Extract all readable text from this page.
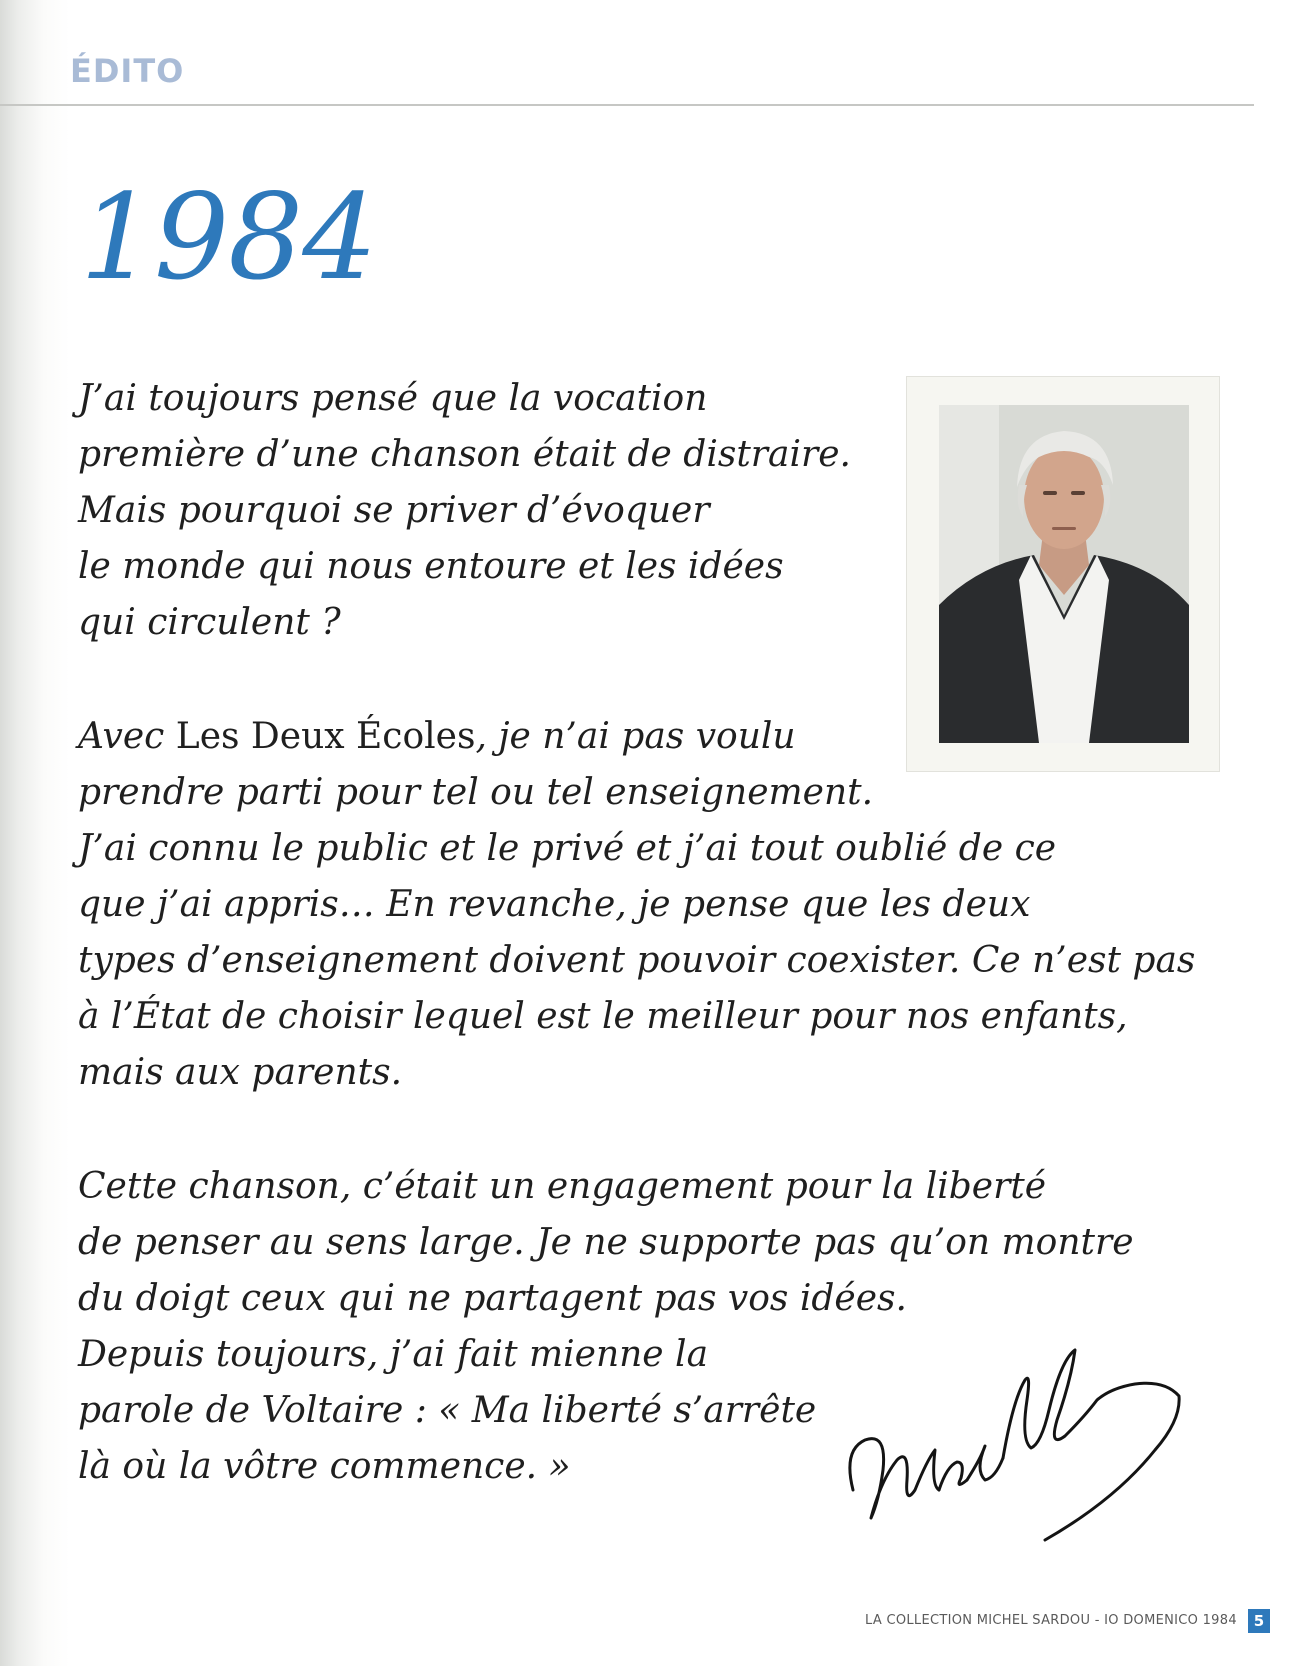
ÉDITO
1984
J’ai toujours pensé que la vocation
première d’une chanson était de distraire.
Mais pourquoi se priver d’évoquer
le monde qui nous entoure et les idées
qui circulent ?
Avec Les Deux Écoles, je n’ai pas voulu
prendre parti pour tel ou tel enseignement.
J’ai connu le public et le privé et j’ai tout oublié de ce
que j’ai appris… En revanche, je pense que les deux
types d’enseignement doivent pouvoir coexister. Ce n’est pas
à l’État de choisir lequel est le meilleur pour nos enfants,
mais aux parents.
Cette chanson, c’était un engagement pour la liberté
de penser au sens large. Je ne supporte pas qu’on montre
du doigt ceux qui ne partagent pas vos idées.
Depuis toujours, j’ai fait mienne la
parole de Voltaire : « Ma liberté s’arrête
là où la vôtre commence. »
LA COLLECTION MICHEL SARDOU - IO DOMENICO 1984	5
